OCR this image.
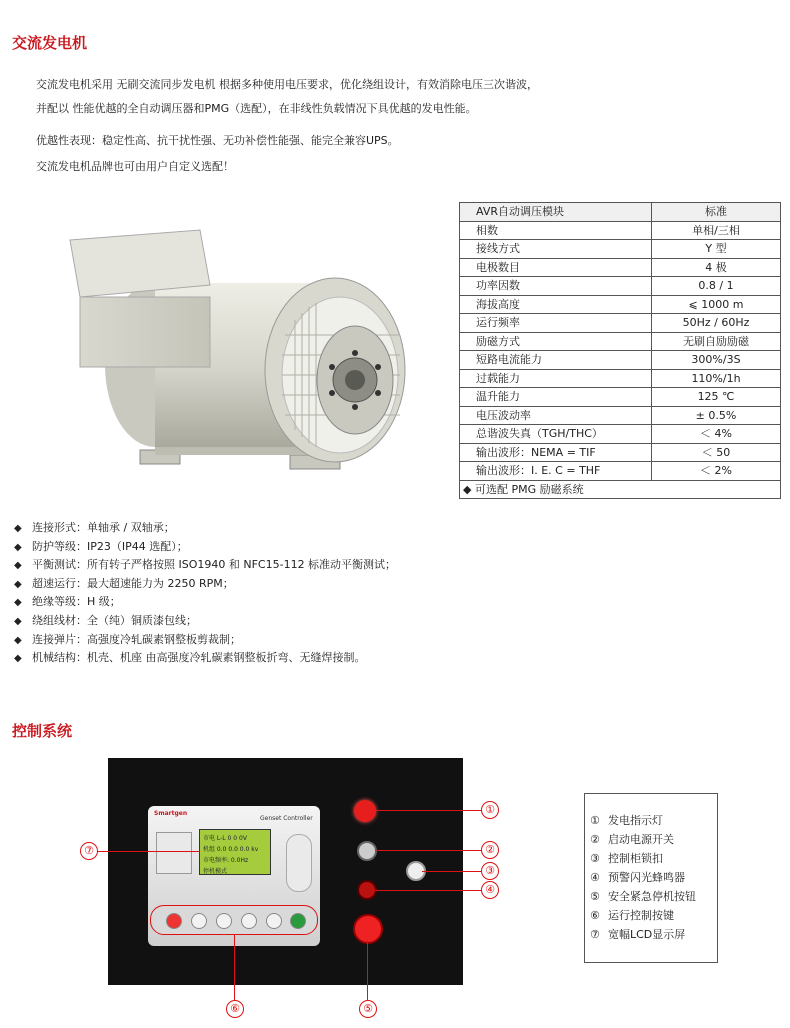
交流发电机
交流发电机采用 无刷交流同步发电机 根据多种使用电压要求，优化绕组设计，有效消除电压三次谐波，
并配以 性能优越的全自动调压器和PMG（选配），在非线性负载情况下具优越的发电性能。
优越性表现：稳定性高、抗干扰性强、无功补偿性能强、能完全兼容UPS。
交流发电机品牌也可由用户自定义选配！
AVR自动调压模块	标准
相数	单相/三相
接线方式	Y 型
电极数目	4 极
功率因数	0.8 / 1
海拔高度	⩽ 1000 m
运行频率	50Hz / 60Hz
励磁方式	无刷自励励磁
短路电流能力	300%/3S
过载能力	110%/1h
温升能力	125 ℃
电压波动率	± 0.5%
总谐波失真（TGH/THC）	＜ 4%
输出波形：NEMA = TIF	＜ 50
输出波形：I. E. C = THF	＜ 2%
◆ 可选配 PMG 励磁系统	
◆ 连接形式：单轴承 / 双轴承；
◆ 防护等级：IP23（IP44 选配）；
◆ 平衡测试：所有转子严格按照 ISO1940 和 NFC15-112 标准动平衡测试；
◆ 超速运行：最大超速能力为 2250 RPM；
◆ 绝缘等级：H 级；
◆ 绕组线材：全（纯）铜质漆包线；
◆ 连接弹片：高强度冷轧碳素钢整板剪裁制；
◆ 机械结构：机壳、机座 由高强度冷轧碳素钢整板折弯、无缝焊接制。
控制系统
Smartgen
Genset Controller
市电 L-L 0 0 0V
机组 0.0 0.0 0.0 kv
市电频率: 0.0Hz
停机模式
①
②
③
④
⑤
⑥
⑦
① 发电指示灯
② 启动电源开关
③ 控制柜锁扣
④ 预警闪光蜂鸣器
⑤ 安全紧急停机按钮
⑥ 运行控制按键
⑦ 宽幅LCD显示屏
